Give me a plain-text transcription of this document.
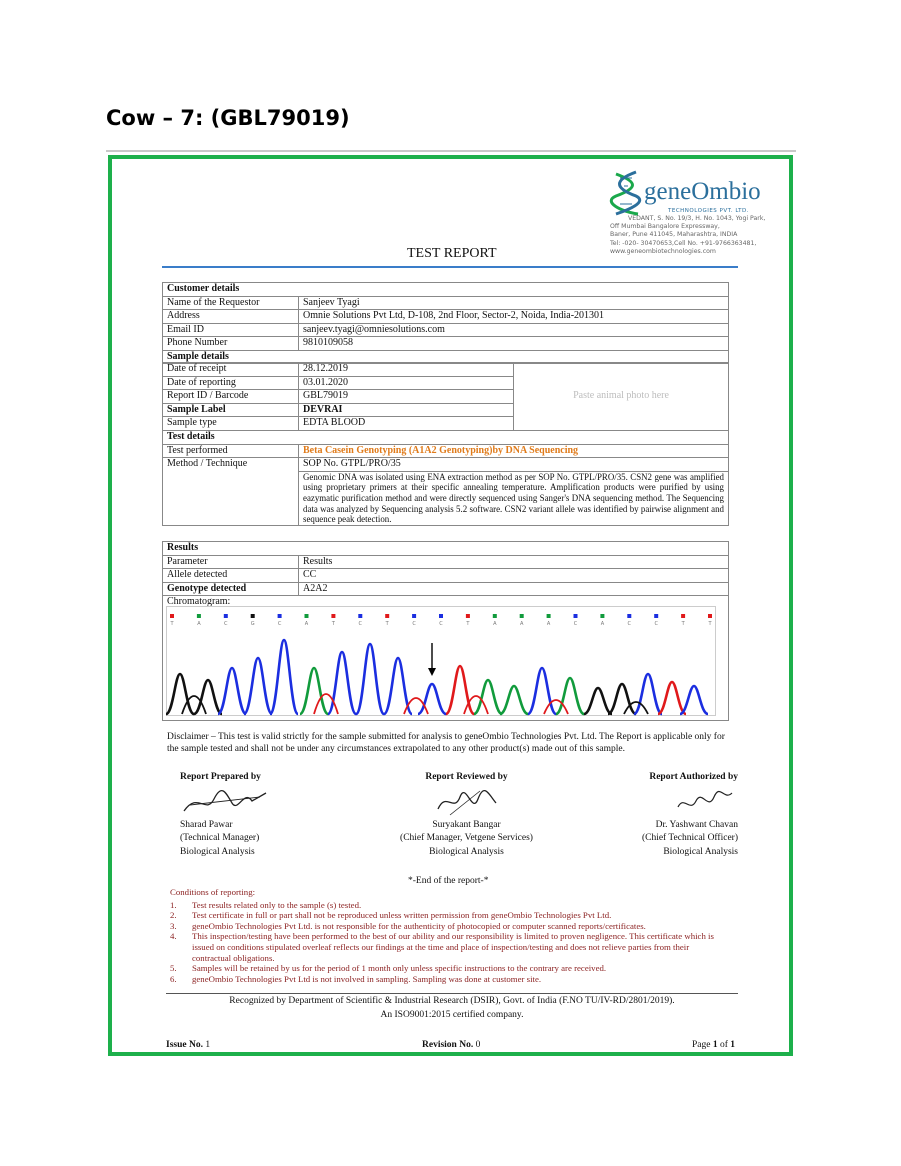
Cow – 7: (GBL79019)
geneOmbio
TECHNOLOGIES PVT. LTD.
VEDANT, S. No. 19/3, H. No. 1043, Yogi Park,
Off Mumbai Bangalore Expressway,
Baner, Pune 411045, Maharashtra, INDIA
Tel: -020- 30470653,Cell No. +91-9766363481,
www.geneombiotechnologies.com
TEST REPORT
Customer details	
Name of the Requestor	Sanjeev Tyagi
Address	Omnie Solutions Pvt Ltd, D-108, 2nd Floor, Sector-2, Noida, India-201301
Email ID	sanjeev.tyagi@omniesolutions.com
Phone Number	9810109058
Sample details	
Date of receipt	28.12.2019	Paste animal photo here
Date of reporting	03.01.2020	
Report ID / Barcode	GBL79019	
Sample Label	DEVRAI	
Sample type	EDTA BLOOD	
Test details	
Test performed	Beta Casein Genotyping (A1A2 Genotyping)by DNA Sequencing
Method / Technique	SOP No. GTPL/PRO/35
	Genomic DNA was isolated using ENA extraction method as per SOP No. GTPL/PRO/35. CSN2 gene was amplified using proprietary primers at their specific annealing temperature. Amplification products were purified by using eazymatic purification method and were directly sequenced using Sanger's DNA sequencing method. The Sequencing data was analyzed by Sequencing analysis 5.2 software. CSN2 variant allele was identified by pairwise alignment and sequence peak detection.
Results	
Parameter	Results
Allele detected	CC
Genotype detected	A2A2
Chromatogram:	
T	A	C	G	C	A	T	C	T	C	C	T	A	A	A	C	A	C	C	T	T
Disclaimer – This test is valid strictly for the sample submitted for analysis to geneOmbio Technologies Pvt. Ltd. The Report is applicable only for the sample tested and shall not be under any circumstances extrapolated to any other product(s) made out of this sample.
Report Prepared by
Sharad Pawar
(Technical Manager)
Biological Analysis
Report Reviewed by
Suryakant Bangar
(Chief Manager, Vetgene Services)
Biological Analysis
Report Authorized by
Dr. Yashwant Chavan
(Chief Technical Officer)
Biological Analysis
*-End of the report-*
Conditions of reporting:
1.	Test results related only to the sample (s) tested.
2.	Test certificate in full or part shall not be reproduced unless written permission from geneOmbio Technologies Pvt Ltd.
3.	geneOmbio Technologies Pvt Ltd. is not responsible for the authenticity of photocopied or computer scanned reports/certificates.
4.	This inspection/testing have been performed to the best of our ability and our responsibility is limited to proven negligence. This certificate which is issued on conditions stipulated overleaf reflects our findings at the time and place of inspection/testing and does not relieve parties from their contractual obligations.
5.	Samples will be retained by us for the period of 1 month only unless specific instructions to the contrary are received.
6.	geneOmbio Technologies Pvt Ltd is not involved in sampling. Sampling was done at customer site.
Recognized by Department of Scientific & Industrial Research (DSIR), Govt. of India (F.NO TU/IV-RD/2801/2019).
An ISO9001:2015 certified company.
Issue No. 1	Revision No. 0	Page 1 of 1
